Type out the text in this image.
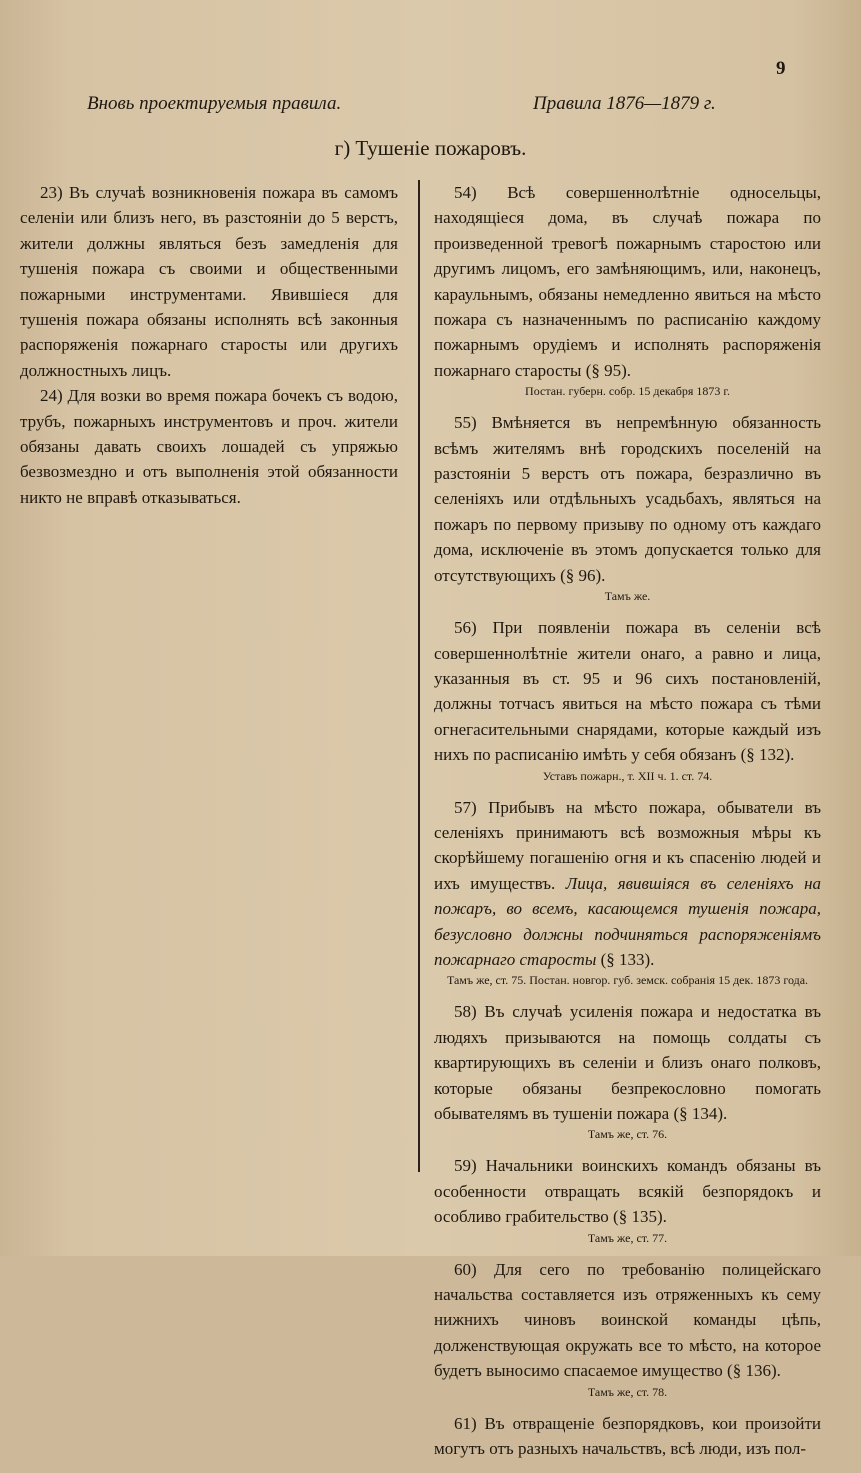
9
Вновь проектируемыя правила.	Правила 1876—1879 г.
г) Тушеніе пожаровъ.

23) Въ случаѣ возникновенія пожара въ самомъ селеніи или близъ него, въ разстояніи до 5 верстъ, жители должны являться безъ замедленія для тушенія пожара съ своими и общественными пожарными инструментами. Явившіеся для тушенія пожара обязаны исполнять всѣ законныя распоряженія пожарнаго старосты или другихъ должностныхъ лицъ.

24) Для возки во время пожара бочекъ съ водою, трубъ, пожарныхъ инструментовъ и проч. жители обязаны давать своихъ лошадей съ упряжью безвозмездно и отъ выполненія этой обязанности никто не вправѣ отказываться.

54) Всѣ совершеннолѣтніе односельцы, находящіеся дома, въ случаѣ пожара по произведенной тревогѣ пожарнымъ старостою или другимъ лицомъ, его замѣняющимъ, или, наконецъ, караульнымъ, обязаны немедленно явиться на мѣсто пожара съ назначеннымъ по расписанію каждому пожарнымъ орудіемъ и исполнять распоряженія пожарнаго старосты (§ 95).

Постан. губерн. собр. 15 декабря 1873 г.

55) Вмѣняется въ непремѣнную обязанность всѣмъ жителямъ внѣ городскихъ поселеній на разстояніи 5 верстъ отъ пожара, безразлично въ селеніяхъ или отдѣльныхъ усадьбахъ, являться на пожаръ по первому призыву по одному отъ каждаго дома, исключеніе въ этомъ допускается только для отсутствующихъ (§ 96).

Тамъ же.

56) При появленіи пожара въ селеніи всѣ совершеннолѣтніе жители онаго, а равно и лица, указанныя въ ст. 95 и 96 сихъ постановленій, должны тотчасъ явиться на мѣсто пожара съ тѣми огнегасительными снарядами, которые каждый изъ нихъ по расписанію имѣть у себя обязанъ (§ 132).

Уставъ пожарн., т. XII ч. 1. ст. 74.

57) Прибывъ на мѣсто пожара, обыватели въ селеніяхъ принимаютъ всѣ возможныя мѣры къ скорѣйшему погашенію огня и къ спасенію людей и ихъ имуществъ. Лица, явившіяся въ селеніяхъ на пожаръ, во всемъ, касающемся тушенія пожара, безусловно должны подчиняться распоряженіямъ пожарнаго старосты (§ 133).

Тамъ же, ст. 75. Постан. новгор. губ. земск. собранія 15 дек. 1873 года.

58) Въ случаѣ усиленія пожара и недостатка въ людяхъ призываются на помощь солдаты съ квартирующихъ въ селеніи и близъ онаго полковъ, которые обязаны безпрекословно помогать обывателямъ въ тушеніи пожара (§ 134).

Тамъ же, ст. 76.

59) Начальники воинскихъ командъ обязаны въ особенности отвращать всякій безпорядокъ и особливо грабительство (§ 135).

Тамъ же, ст. 77.

60) Для сего по требованію полицейскаго начальства составляется изъ отряженныхъ къ сему нижнихъ чиновъ воинской команды цѣпь, долженствующая окружать все то мѣсто, на которое будетъ выносимо спасаемое имущество (§ 136).

Тамъ же, ст. 78.

61) Въ отвращеніе безпорядковъ, кои произойти могутъ отъ разныхъ начальствъ, всѣ люди, изъ пол-
